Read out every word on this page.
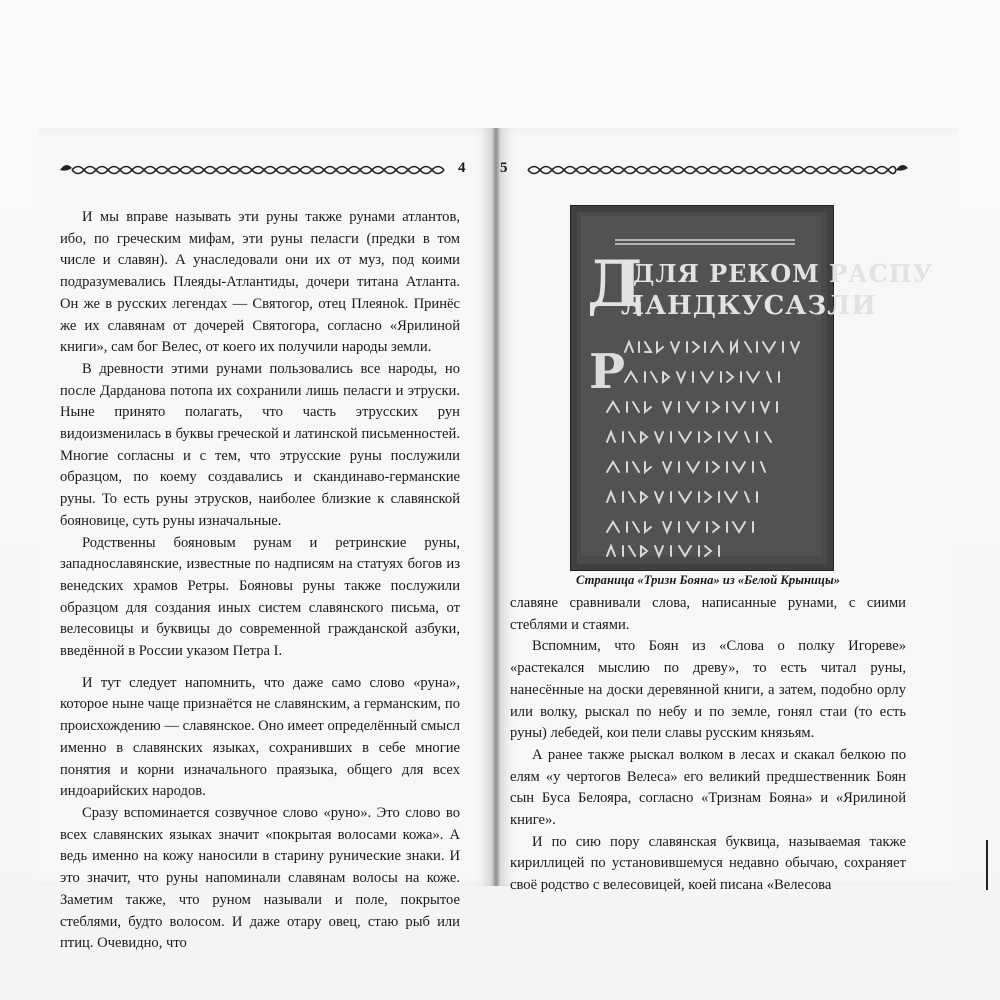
4 5

И мы вправе называть эти руны также рунами атлантов, ибо, по греческим мифам, эти руны пеласги (предки в том числе и славян). А унаследовали они их от муз, под коими подразумевались Плеяды-Атлантиды, дочери титана Атланта. Он же в русских легендах — Святогор, отец Плеяноk. Принёс же их славянам от дочерей Святогора, согласно «Ярилиной книги», сам бог Велес, от коего их получили народы земли.

В древности этими рунами пользовались все народы, но после Дарданова потопа их сохранили лишь пеласги и этруски. Ныне принято полагать, что часть этрусских рун видоизменилась в буквы греческой и латинской письменностей. Многие согласны и с тем, что этрусские руны послужили образцом, по коему создавались и скандинаво-германские руны. То есть руны этрусков, наиболее близкие к славянской бояновице, суть руны изначальные.

Родственны бояновым рунам и ретринские руны, западнославянские, известные по надписям на статуях богов из венедских храмов Ретры. Бояновы руны также послужили образцом для создания иных систем славянского письма, от велесовицы и буквицы до современной гражданской азбуки, введённой в России указом Петра I.

И тут следует напомнить, что даже само слово «руна», которое ныне чаще признаётся не славянским, а германским, по происхождению — славянское. Оно имеет определённый смысл именно в славянских языках, сохранивших в себе многие понятия и корни изначального праязыка, общего для всех индоарийских народов.

Сразу вспоминается созвучное слово «руно». Это слово во всех славянских языках значит «покрытая волосами кожа». А ведь именно на кожу наносили в старину рунические знаки. И это значит, что руны напоминали славянам волосы на коже. Заметим также, что руном называли и поле, покрытое стеблями, будто волосом. И даже отару овец, стаю рыб или птиц. Очевидно, что

Д
ДЛЯ РЕКОМ РАСПУ
ЛАНДКУСАЗЛИ
Р
Страница «Тризн Бояна» из «Белой Крыницы»

славяне сравнивали слова, написанные рунами, с сиими стеблями и стаями.

Вспомним, что Боян из «Слова о полку Игореве» «растекался мыслию по древу», то есть читал руны, нанесённые на доски деревянной книги, а затем, подобно орлу или волку, рыскал по небу и по земле, гонял стаи (то есть руны) лебедей, кои пели славы русским князьям.

А ранее также рыскал волком в лесах и скакал белкою по елям «у чертогов Велеса» его великий предшественник Боян сын Буса Белояра, согласно «Тризнам Бояна» и «Ярилиной книге».

И по сию пору славянская буквица, называемая также кириллицей по установившемуся недавно обычаю, сохраняет своё родство с велесовицей, коей писана «Велесова
